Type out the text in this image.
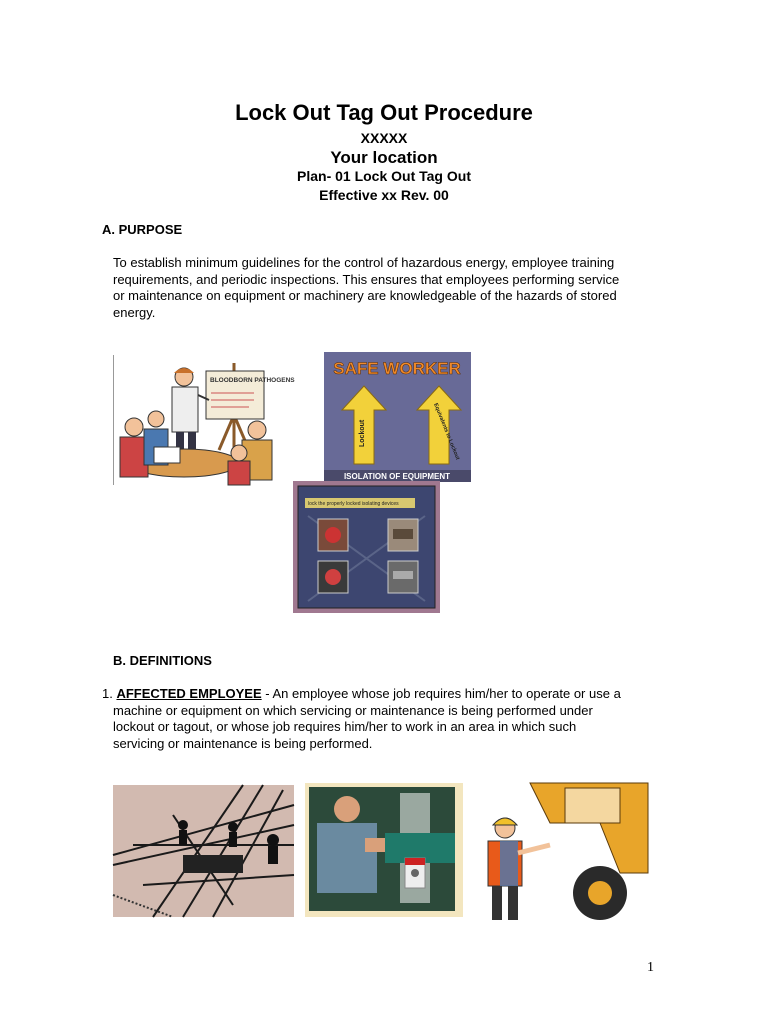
Lock Out Tag Out Procedure
XXXXX
Your location
Plan- 01 Lock Out Tag Out
Effective xx Rev. 00
A. PURPOSE
To establish minimum guidelines for the control of hazardous energy, employee training
requirements, and periodic inspections. This ensures that employees performing service
or maintenance on equipment or machinery are knowledgeable of the hazards of stored
energy.
BLOODBORN PATHOGENS
SAFE WORKER
Lockout	Equivalents to Lockout
ISOLATION OF EQUIPMENT
lock the properly locked isolating devices
B. DEFINITIONS
1. AFFECTED EMPLOYEE - An employee whose job requires him/her to operate or use a
machine or equipment on which servicing or maintenance is being performed under
lockout or tagout, or whose job requires him/her to work in an area in which such
servicing or maintenance is being performed.
1
